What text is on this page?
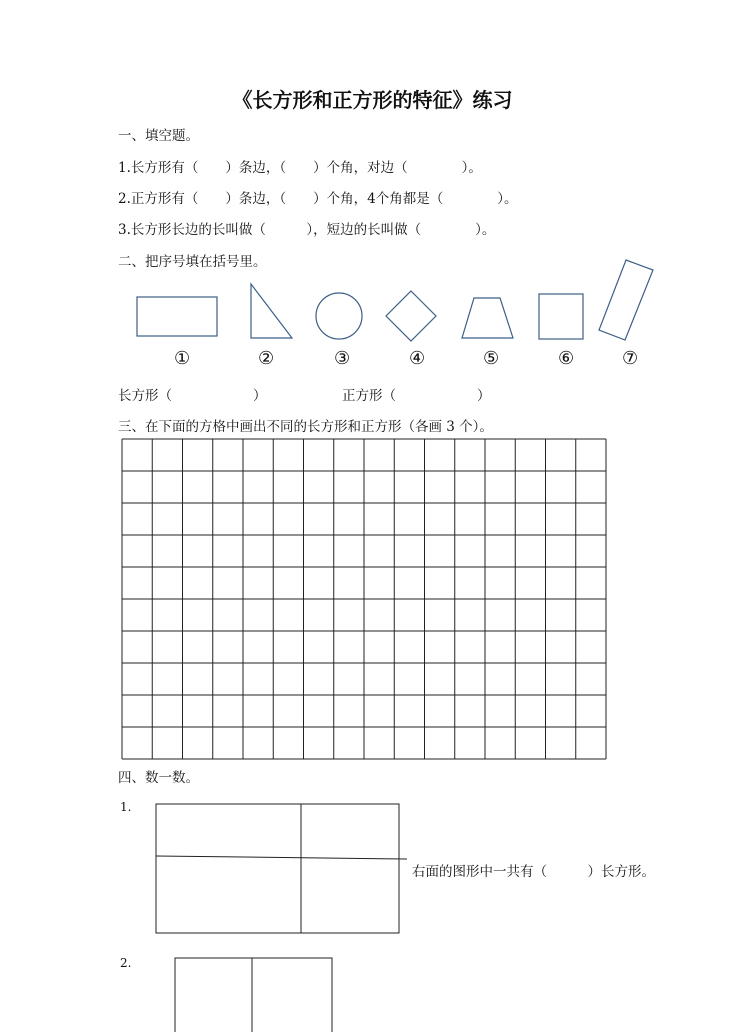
《长方形和正方形的特征》练习
一、填空题。
1.长方形有（　　）条边，（　　）个角，对边（　　　　）。
2.正方形有（　　）条边，（　　）个角，4个角都是（　　　　）。
3.长方形长边的长叫做（　　　），短边的长叫做（　　　　）。
二、把序号填在括号里。
①	②	③	④	⑤	⑥	⑦
长方形（　　　　　　）	正方形（　　　　　　）
三、在下面的方格中画出不同的长方形和正方形（各画 3 个）。
四、数一数。
1.
右面的图形中一共有（　　　）长方形。
2.
